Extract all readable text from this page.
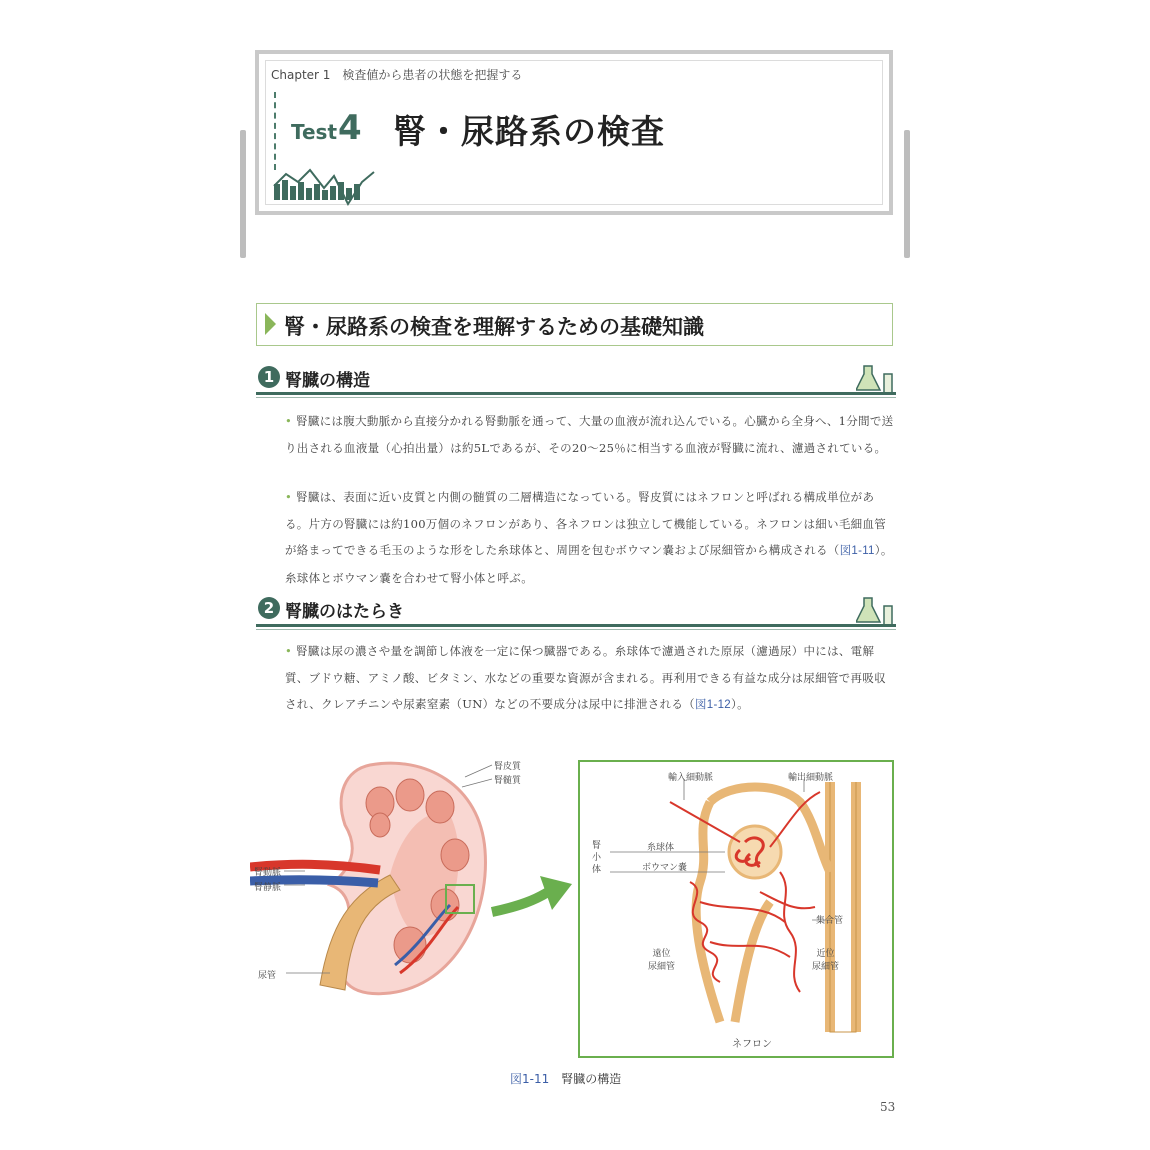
Chapter 1　検査値から患者の状態を把握する
Test 4 腎・尿路系の検査
腎・尿路系の検査を理解するための基礎知識
1 腎臓の構造
• 腎臓には腹大動脈から直接分かれる腎動脈を通って、大量の血液が流れ込んでいる。心臓から全身へ、1分間で送り出される血液量（心拍出量）は約5Lであるが、その20～25％に相当する血液が腎臓に流れ、濾過されている。
• 腎臓は、表面に近い皮質と内側の髄質の二層構造になっている。腎皮質にはネフロンと呼ばれる構成単位がある。片方の腎臓には約100万個のネフロンがあり、各ネフロンは独立して機能している。ネフロンは細い毛細血管が絡まってできる毛玉のような形をした糸球体と、周囲を包むボウマン嚢および尿細管から構成される（図1-11）。糸球体とボウマン嚢を合わせて腎小体と呼ぶ。
2 腎臓のはたらき
• 腎臓は尿の濃さや量を調節し体液を一定に保つ臓器である。糸球体で濾過された原尿（濾過尿）中には、電解質、ブドウ糖、アミノ酸、ビタミン、水などの重要な資源が含まれる。再利用できる有益な成分は尿細管で再吸収され、クレアチニンや尿素窒素（UN）などの不要成分は尿中に排泄される（図1-12）。
腎皮質
腎髄質
腎動脈
腎静脈
尿管
輸入細動脈	輸出細動脈
腎小体
糸球体
ボウマン嚢
集合管
遠位
尿細管
近位
尿細管
ネフロン
図1-11 腎臓の構造
53
